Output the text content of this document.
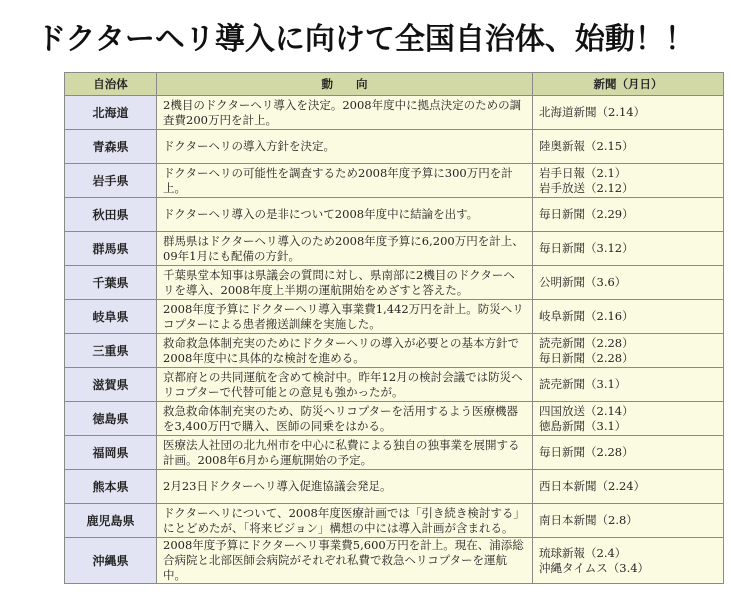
ドクターヘリ導入に向けて全国自治体、始動！！
自治体	動　　向	新聞（月日）
北海道	2機目のドクターヘリ導入を決定。2008年度中に拠点決定のための調査費200万円を計上。	北海道新聞（2.14）

青森県	ドクターヘリの導入方針を決定。	陸奥新報（2.15）

岩手県	ドクターヘリの可能性を調査するため2008年度予算に300万円を計上。	岩手日報（2.1）
岩手放送（2.12）

秋田県	ドクターヘリ導入の是非について2008年度中に結論を出す。	毎日新聞（2.29）

群馬県	群馬県はドクターヘリ導入のため2008年度予算に6,200万円を計上、09年1月にも配備の方針。	毎日新聞（3.12）

千葉県	千葉県堂本知事は県議会の質問に対し、県南部に2機目のドクターヘリを導入、2008年度上半期の運航開始をめざすと答えた。	公明新聞（3.6）

岐阜県	2008年度予算にドクターヘリ導入事業費1,442万円を計上。防災ヘリコプターによる患者搬送訓練を実施した。	岐阜新聞（2.16）

三重県	救命救急体制充実のためにドクターヘリの導入が必要との基本方針で2008年度中に具体的な検討を進める。	読売新聞（2.28）
毎日新聞（2.28）

滋賀県	京都府との共同運航を含めて検討中。昨年12月の検討会議では防災ヘリコプターで代替可能との意見も強かったが。	読売新聞（3.1）

徳島県	救急救命体制充実のため、防災ヘリコプターを活用するよう医療機器を3,400万円で購入、医師の同乗をはかる。	四国放送（2.14）
徳島新聞（3.1）

福岡県	医療法人社団の北九州市を中心に私費による独自の独事業を展開する計画。2008年6月から運航開始の予定。	毎日新聞（2.28）

熊本県	2月23日ドクターヘリ導入促進協議会発足。	西日本新聞（2.24）

鹿児島県	ドクターヘリについて、2008年度医療計画では「引き続き検討する」にとどめたが、「将来ビジョン」構想の中には導入計画が含まれる。	南日本新聞（2.8）

沖縄県	2008年度予算にドクターヘリ事業費5,600万円を計上。現在、浦添総合病院と北部医師会病院がそれぞれ私費で救急ヘリコプターを運航中。	琉球新報（2.4）
沖縄タイムス（3.4）
